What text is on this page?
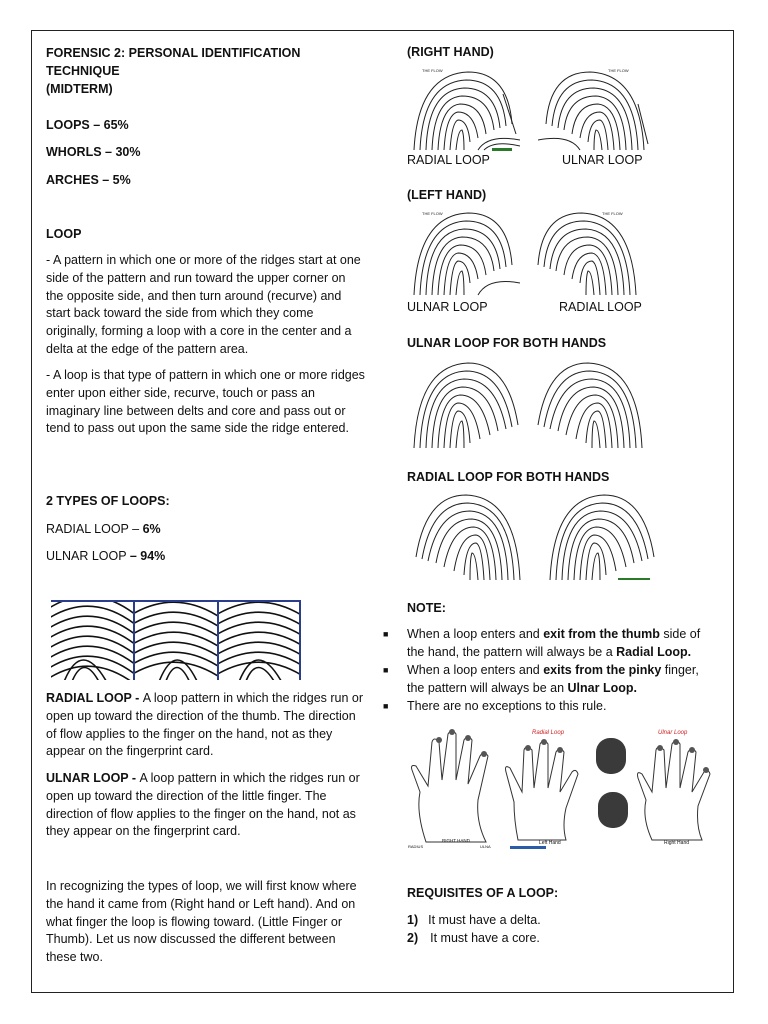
FORENSIC 2: PERSONAL IDENTIFICATION TECHNIQUE
(MIDTERM)
LOOPS – 65%
WHORLS – 30%
ARCHES – 5%
LOOP
- A pattern in which one or more of the ridges start at one side of the pattern and run toward the upper corner on the opposite side, and then turn around (recurve) and start back toward the side from which they come originally, forming a loop with a core in the center and a delta at the edge of the pattern area.
- A loop is that type of pattern in which one or more ridges enter upon either side, recurve, touch or pass an imaginary line between delts and core and pass out or tend to pass out upon the same side the ridge entered.
2 TYPES OF LOOPS:
RADIAL LOOP – 6%
ULNAR LOOP – 94%
RADIAL LOOP - A loop pattern in which the ridges run or open up toward the direction of the thumb. The direction of flow applies to the finger on the hand, not as they appear on the fingerprint card.
ULNAR LOOP - A loop pattern in which the ridges run or open up toward the direction of the little finger. The direction of flow applies to the finger on the hand, not as they appear on the fingerprint card.
In recognizing the types of loop, we will first know where the hand it came from (Right hand or Left hand). And on what finger the loop is flowing toward. (Little Finger or Thumb). Let us now discussed the different between these two.
(RIGHT HAND)
THE FLOW	THE FLOW
RADIAL LOOP	ULNAR LOOP
(LEFT HAND)
THE FLOW	THE FLOW
ULNAR LOOP	RADIAL LOOP
ULNAR LOOP FOR BOTH HANDS
RADIAL LOOP FOR BOTH HANDS
NOTE:
■ When a loop enters and exit from the thumb side of the hand, the pattern will always be a Radial Loop.
■ When a loop enters and exits from the pinky finger, the pattern will always be an Ulnar Loop.
■ There are no exceptions to this rule.
Radial Loop	Ulnar Loop
RIGHT HAND	Left Hand	Right Hand
RADIUS	ULNA
REQUISITES OF A LOOP:
1) It must have a delta.
2) It must have a core.
